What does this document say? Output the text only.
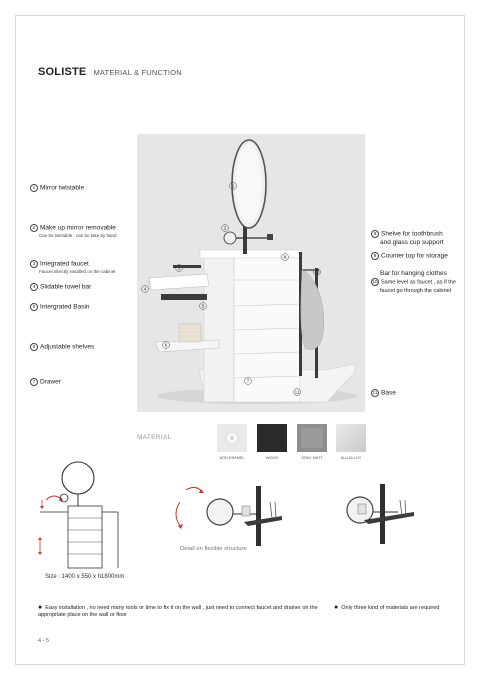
SOLISTE MATERIAL & FUNCTION
1
2
3
4
5
6
7
8
10
11
1 Mirror twistable
2 Make up mirror removable
Can be twistable , can be take by hand
3 Integrated faucet
Faucet directly installed on the cabinet
4 Slidable towel bar
5 Intergrated Basin
6 Adjustable shelves
7 Drawer
8 Shelve for toothbrush
and glass cup support
9 Counter top for storage
Bar for hanging clothes
10 Same level as faucet , as if the
faucet go through the cabinet
11 Base
MATERIAL
NON ENAMEL	WOOD	GRAY MATT	ALU ALLOY
Size : 1400 x 550 x h1800mm
Detail on flexible structure
● Easy installation , no need many tools or time to fix it on the wall , just need to connect faucet and drainer on the appropriate place on the wall or floor
● Only three kind of materials are required
4 - 5
